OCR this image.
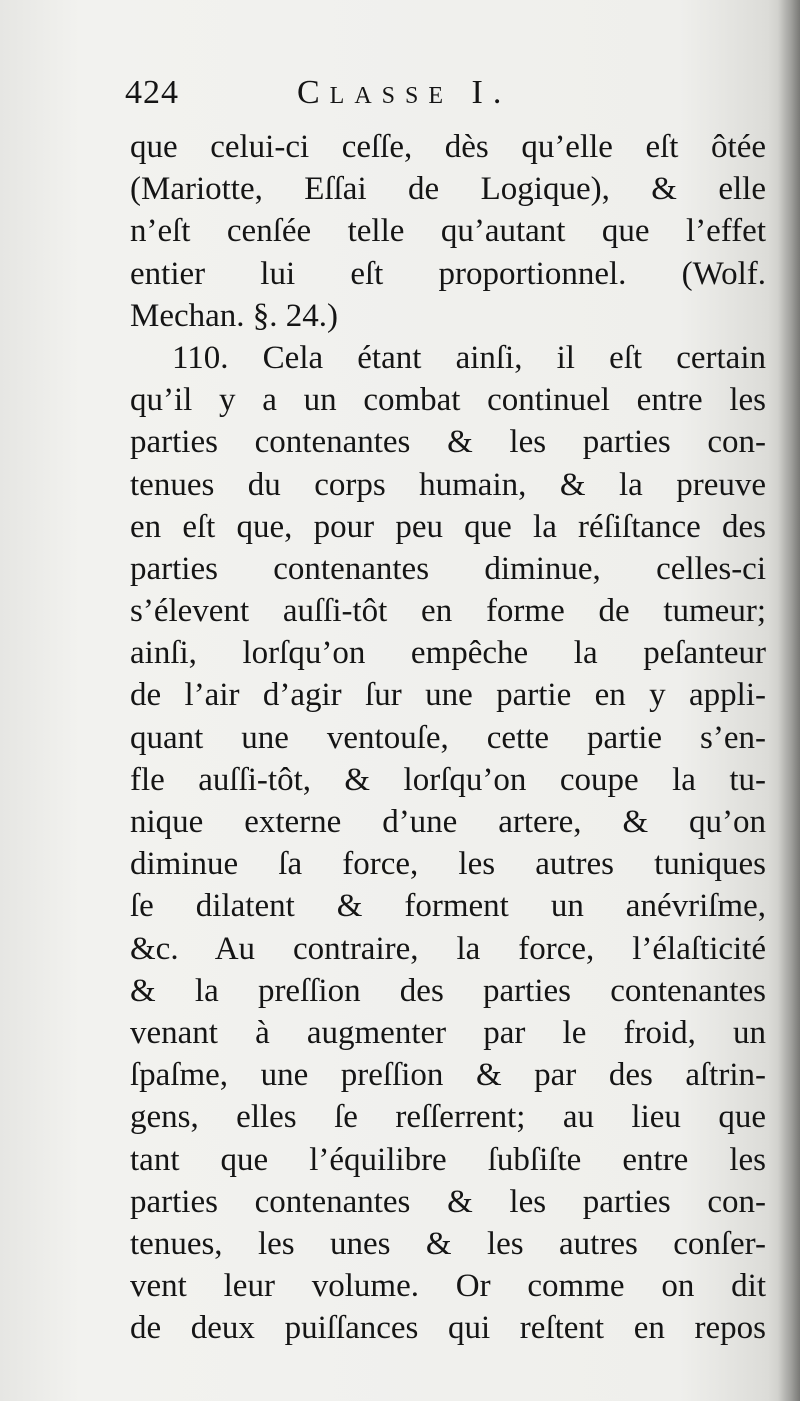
424	Classe I.
que celui-ci ceſſe, dès qu’elle eſt ôtée
(Mariotte, Eſſai de Logique), & elle
n’eſt cenſée telle qu’autant que l’effet
entier lui eſt proportionnel. (Wolf.
Mechan. §. 24.)
110. Cela étant ainſi, il eſt certain
qu’il y a un combat continuel entre les
parties contenantes & les parties con-
tenues du corps humain, & la preuve
en eſt que, pour peu que la réſiſtance des
parties contenantes diminue, celles-ci
s’élevent auſſi-tôt en forme de tumeur;
ainſi, lorſqu’on empêche la peſanteur
de l’air d’agir ſur une partie en y appli-
quant une ventouſe, cette partie s’en-
fle auſſi-tôt, & lorſqu’on coupe la tu-
nique externe d’une artere, & qu’on
diminue ſa force, les autres tuniques
ſe dilatent & forment un anévriſme,
&c. Au contraire, la force, l’élaſticité
& la preſſion des parties contenantes
venant à augmenter par le froid, un
ſpaſme, une preſſion & par des aſtrin-
gens, elles ſe reſſerrent; au lieu que
tant que l’équilibre ſubſiſte entre les
parties contenantes & les parties con-
tenues, les unes & les autres conſer-
vent leur volume. Or comme on dit
de deux puiſſances qui reſtent en repos
